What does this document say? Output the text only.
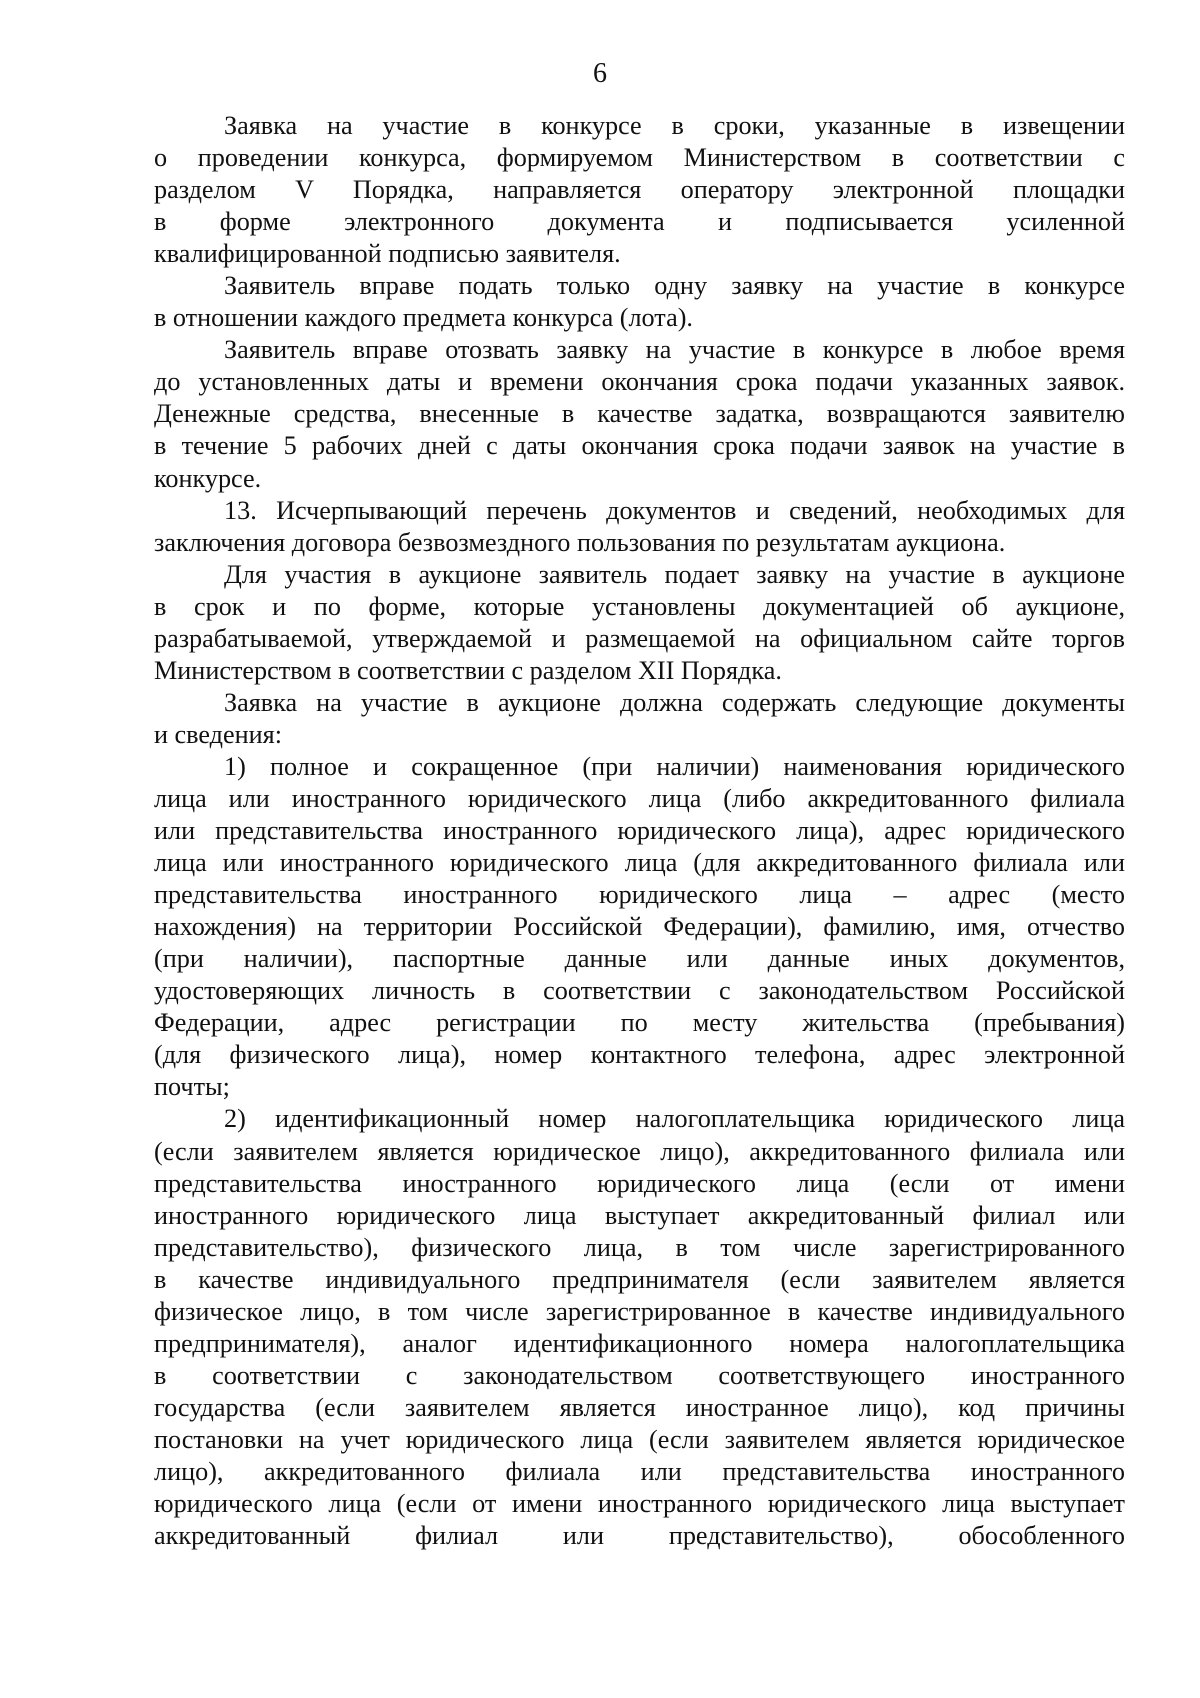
6
Заявка на участие в конкурсе в сроки, указанные в извещении
о проведении конкурса, формируемом Министерством в соответствии с
разделом V Порядка, направляется оператору электронной площадки
в форме электронного документа и подписывается усиленной
квалифицированной подписью заявителя.
Заявитель вправе подать только одну заявку на участие в конкурсе
в отношении каждого предмета конкурса (лота).
Заявитель вправе отозвать заявку на участие в конкурсе в любое время
до установленных даты и времени окончания срока подачи указанных заявок.
Денежные средства, внесенные в качестве задатка, возвращаются заявителю
в течение 5 рабочих дней с даты окончания срока подачи заявок на участие в
конкурсе.
13. Исчерпывающий перечень документов и сведений, необходимых для
заключения договора безвозмездного пользования по результатам аукциона.
Для участия в аукционе заявитель подает заявку на участие в аукционе
в срок и по форме, которые установлены документацией об аукционе,
разрабатываемой, утверждаемой и размещаемой на официальном сайте торгов
Министерством в соответствии с разделом XII Порядка.
Заявка на участие в аукционе должна содержать следующие документы
и сведения:
1) полное и сокращенное (при наличии) наименования юридического
лица или иностранного юридического лица (либо аккредитованного филиала
или представительства иностранного юридического лица), адрес юридического
лица или иностранного юридического лица (для аккредитованного филиала или
представительства иностранного юридического лица – адрес (место
нахождения) на территории Российской Федерации), фамилию, имя, отчество
(при наличии), паспортные данные или данные иных документов,
удостоверяющих личность в соответствии с законодательством Российской
Федерации, адрес регистрации по месту жительства (пребывания)
(для физического лица), номер контактного телефона, адрес электронной
почты;
2) идентификационный номер налогоплательщика юридического лица
(если заявителем является юридическое лицо), аккредитованного филиала или
представительства иностранного юридического лица (если от имени
иностранного юридического лица выступает аккредитованный филиал или
представительство), физического лица, в том числе зарегистрированного
в качестве индивидуального предпринимателя (если заявителем является
физическое лицо, в том числе зарегистрированное в качестве индивидуального
предпринимателя), аналог идентификационного номера налогоплательщика
в соответствии с законодательством соответствующего иностранного
государства (если заявителем является иностранное лицо), код причины
постановки на учет юридического лица (если заявителем является юридическое
лицо), аккредитованного филиала или представительства иностранного
юридического лица (если от имени иностранного юридического лица выступает
аккредитованный филиал или представительство), обособленного
